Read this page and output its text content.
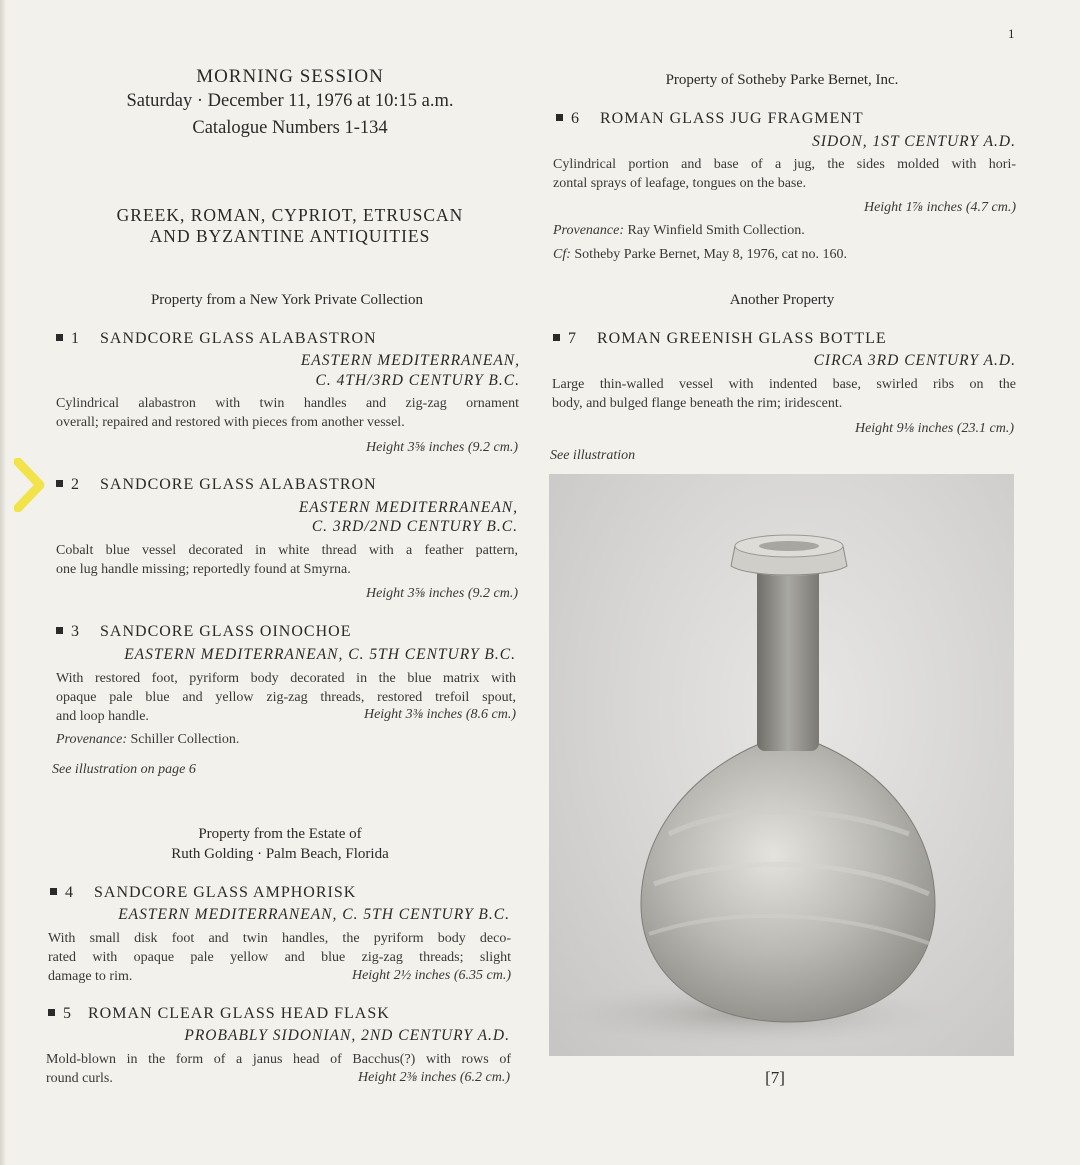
1
MORNING SESSION
Saturday · December 11, 1976 at 10:15 a.m.
Catalogue Numbers 1-134
GREEK, ROMAN, CYPRIOT, ETRUSCAN
AND BYZANTINE ANTIQUITIES
Property from a New York Private Collection
1 SANDCORE GLASS ALABASTRON
EASTERN MEDITERRANEAN,
C. 4TH/3RD CENTURY B.C.
Cylindrical alabastron with twin handles and zig-zag ornament
overall; repaired and restored with pieces from another vessel.
Height 3⅝ inches (9.2 cm.)
2 SANDCORE GLASS ALABASTRON
EASTERN MEDITERRANEAN,
C. 3RD/2ND CENTURY B.C.
Cobalt blue vessel decorated in white thread with a feather pattern,
one lug handle missing; reportedly found at Smyrna.
Height 3⅝ inches (9.2 cm.)
3 SANDCORE GLASS OINOCHOE
EASTERN MEDITERRANEAN, C. 5TH CENTURY B.C.
With restored foot, pyriform body decorated in the blue matrix with
opaque pale blue and yellow zig-zag threads, restored trefoil spout,
and loop handle.	Height 3⅜ inches (8.6 cm.)
Provenance: Schiller Collection.
See illustration on page 6
Property from the Estate of
Ruth Golding · Palm Beach, Florida
4 SANDCORE GLASS AMPHORISK
EASTERN MEDITERRANEAN, C. 5TH CENTURY B.C.
With small disk foot and twin handles, the pyriform body deco-
rated with opaque pale yellow and blue zig-zag threads; slight
damage to rim.	Height 2½ inches (6.35 cm.)
5 ROMAN CLEAR GLASS HEAD FLASK
PROBABLY SIDONIAN, 2ND CENTURY A.D.
Mold-blown in the form of a janus head of Bacchus(?) with rows of
round curls.	Height 2⅜ inches (6.2 cm.)
Property of Sotheby Parke Bernet, Inc.
6 ROMAN GLASS JUG FRAGMENT
SIDON, 1ST CENTURY A.D.
Cylindrical portion and base of a jug, the sides molded with hori-
zontal sprays of leafage, tongues on the base.
Height 1⅞ inches (4.7 cm.)
Provenance: Ray Winfield Smith Collection.
Cf: Sotheby Parke Bernet, May 8, 1976, cat no. 160.
Another Property
7 ROMAN GREENISH GLASS BOTTLE
CIRCA 3RD CENTURY A.D.
Large thin-walled vessel with indented base, swirled ribs on the
body, and bulged flange beneath the rim; iridescent.
Height 9⅛ inches (23.1 cm.)
See illustration
[7]
